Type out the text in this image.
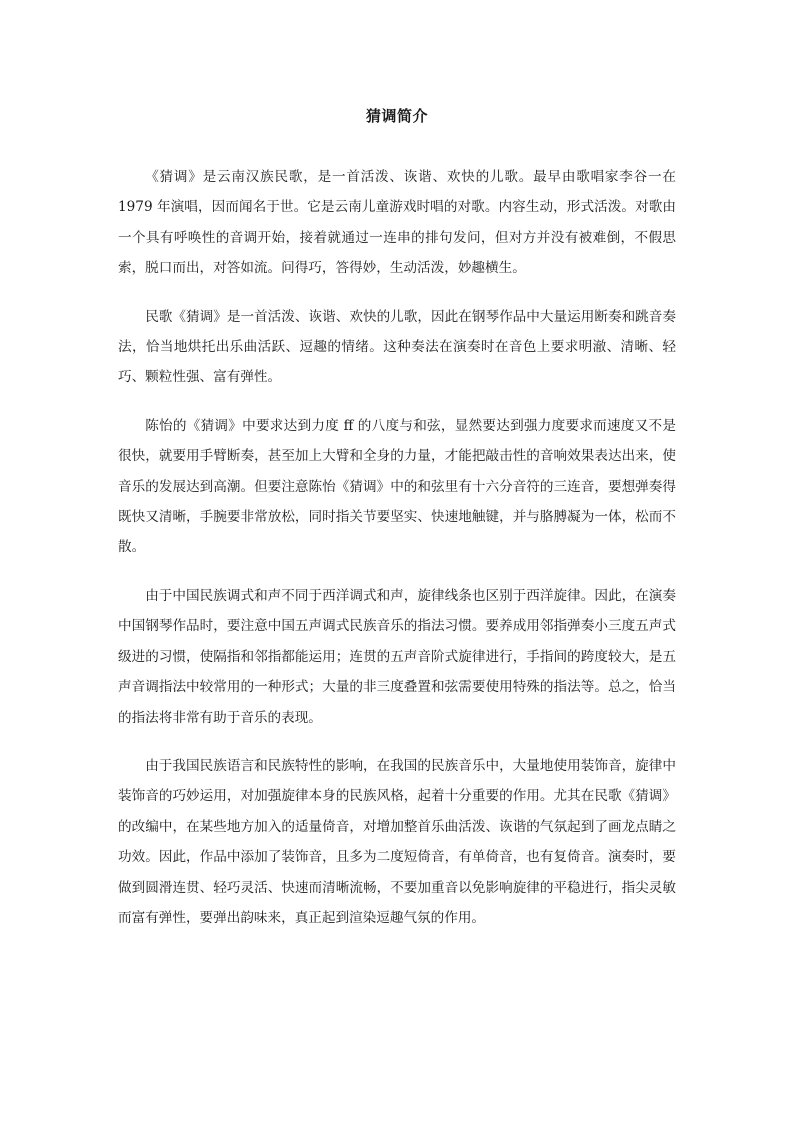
猜调简介

《猜调》是云南汉族民歌，是一首活泼、诙谐、欢快的儿歌。最早由歌唱家李谷一在 1979 年演唱，因而闻名于世。它是云南儿童游戏时唱的对歌。内容生动，形式活泼。对歌由一个具有呼唤性的音调开始，接着就通过一连串的排句发问，但对方并没有被难倒，不假思索，脱口而出，对答如流。问得巧，答得妙，生动活泼，妙趣横生。

民歌《猜调》是一首活泼、诙谐、欢快的儿歌，因此在钢琴作品中大量运用断奏和跳音奏法，恰当地烘托出乐曲活跃、逗趣的情绪。这种奏法在演奏时在音色上要求明澈、清晰、轻巧、颗粒性强、富有弹性。

陈怡的《猜调》中要求达到力度 ff 的八度与和弦，显然要达到强力度要求而速度又不是很快，就要用手臂断奏，甚至加上大臂和全身的力量，才能把敲击性的音响效果表达出来，使音乐的发展达到高潮。但要注意陈怡《猜调》中的和弦里有十六分音符的三连音，要想弹奏得既快又清晰，手腕要非常放松，同时指关节要坚实、快速地触键，并与胳膊凝为一体，松而不散。

由于中国民族调式和声不同于西洋调式和声，旋律线条也区别于西洋旋律。因此，在演奏中国钢琴作品时，要注意中国五声调式民族音乐的指法习惯。要养成用邻指弹奏小三度五声式级进的习惯，使隔指和邻指都能运用；连贯的五声音阶式旋律进行，手指间的跨度较大，是五声音调指法中较常用的一种形式；大量的非三度叠置和弦需要使用特殊的指法等。总之，恰当的指法将非常有助于音乐的表现。

由于我国民族语言和民族特性的影响，在我国的民族音乐中，大量地使用装饰音，旋律中装饰音的巧妙运用，对加强旋律本身的民族风格，起着十分重要的作用。尤其在民歌《猜调》的改编中，在某些地方加入的适量倚音，对增加整首乐曲活泼、诙谐的气氛起到了画龙点睛之功效。因此，作品中添加了装饰音，且多为二度短倚音，有单倚音，也有复倚音。演奏时，要做到圆滑连贯、轻巧灵活、快速而清晰流畅，不要加重音以免影响旋律的平稳进行，指尖灵敏而富有弹性，要弹出韵味来，真正起到渲染逗趣气氛的作用。
